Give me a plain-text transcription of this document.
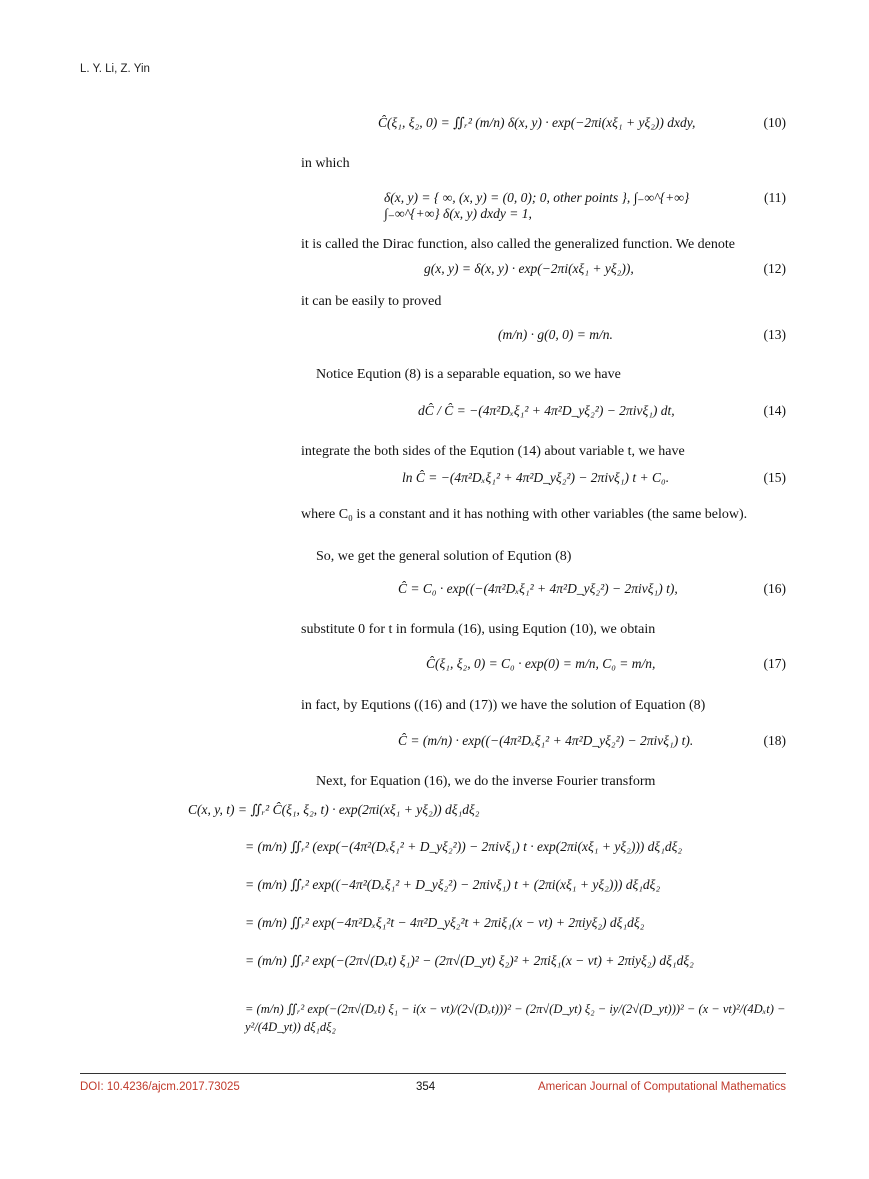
L. Y. Li, Z. Yin
Ĉ(ξ₁, ξ₂, 0) = ∬ᵣ² (m/n) δ(x, y) · exp(−2πi(xξ₁ + yξ₂)) dxdy,	(10)
in which
δ(x, y) = { ∞, (x, y) = (0, 0); 0, other points }, ∫₋∞^{+∞} ∫₋∞^{+∞} δ(x, y) dxdy = 1,
(11)
it is called the Dirac function, also called the generalized function. We denote
g(x, y) = δ(x, y) · exp(−2πi(xξ₁ + yξ₂)),	(12)
it can be easily to proved
(m/n) · g(0, 0) = m/n.	(13)
Notice Eqution (8) is a separable equation, so we have
dĈ / Ĉ = −(4π²Dₓξ₁² + 4π²D_yξ₂²) − 2πivξ₁) dt,	(14)
integrate the both sides of the Eqution (14) about variable t, we have
ln Ĉ = −(4π²Dₓξ₁² + 4π²D_yξ₂²) − 2πivξ₁) t + C₀.	(15)
where C₀ is a constant and it has nothing with other variables (the same below).
So, we get the general solution of Eqution (8)
Ĉ = C₀ · exp((−(4π²Dₓξ₁² + 4π²D_yξ₂²) − 2πivξ₁) t),	(16)
substitute 0 for t in formula (16), using Eqution (10), we obtain
Ĉ(ξ₁, ξ₂, 0) = C₀ · exp(0) = m/n, C₀ = m/n,	(17)
in fact, by Equtions ((16) and (17)) we have the solution of Equation (8)
Ĉ = (m/n) · exp((−(4π²Dₓξ₁² + 4π²D_yξ₂²) − 2πivξ₁) t).	(18)
Next, for Equation (16), we do the inverse Fourier transform
C(x, y, t) = ∬ᵣ² Ĉ(ξ₁, ξ₂, t) · exp(2πi(xξ₁ + yξ₂)) dξ₁dξ₂
= (m/n) ∬ᵣ² (exp(−(4π²(Dₓξ₁² + D_yξ₂²)) − 2πivξ₁) t · exp(2πi(xξ₁ + yξ₂))) dξ₁dξ₂
= (m/n) ∬ᵣ² exp((−4π²(Dₓξ₁² + D_yξ₂²) − 2πivξ₁) t + (2πi(xξ₁ + yξ₂))) dξ₁dξ₂
= (m/n) ∬ᵣ² exp(−4π²Dₓξ₁²t − 4π²D_yξ₂²t + 2πiξ₁(x − vt) + 2πiyξ₂) dξ₁dξ₂
= (m/n) ∬ᵣ² exp(−(2π√(Dₓt) ξ₁)² − (2π√(D_yt) ξ₂)² + 2πiξ₁(x − vt) + 2πiyξ₂) dξ₁dξ₂
= (m/n) ∬ᵣ² exp(−(2π√(Dₓt) ξ₁ − i(x − vt)/(2√(Dₓt)))² − (2π√(D_yt) ξ₂ − iy/(2√(D_yt)))² − (x − vt)²/(4Dₓt) − y²/(4D_yt)) dξ₁dξ₂
DOI: 10.4236/ajcm.2017.73025	354	American Journal of Computational Mathematics
